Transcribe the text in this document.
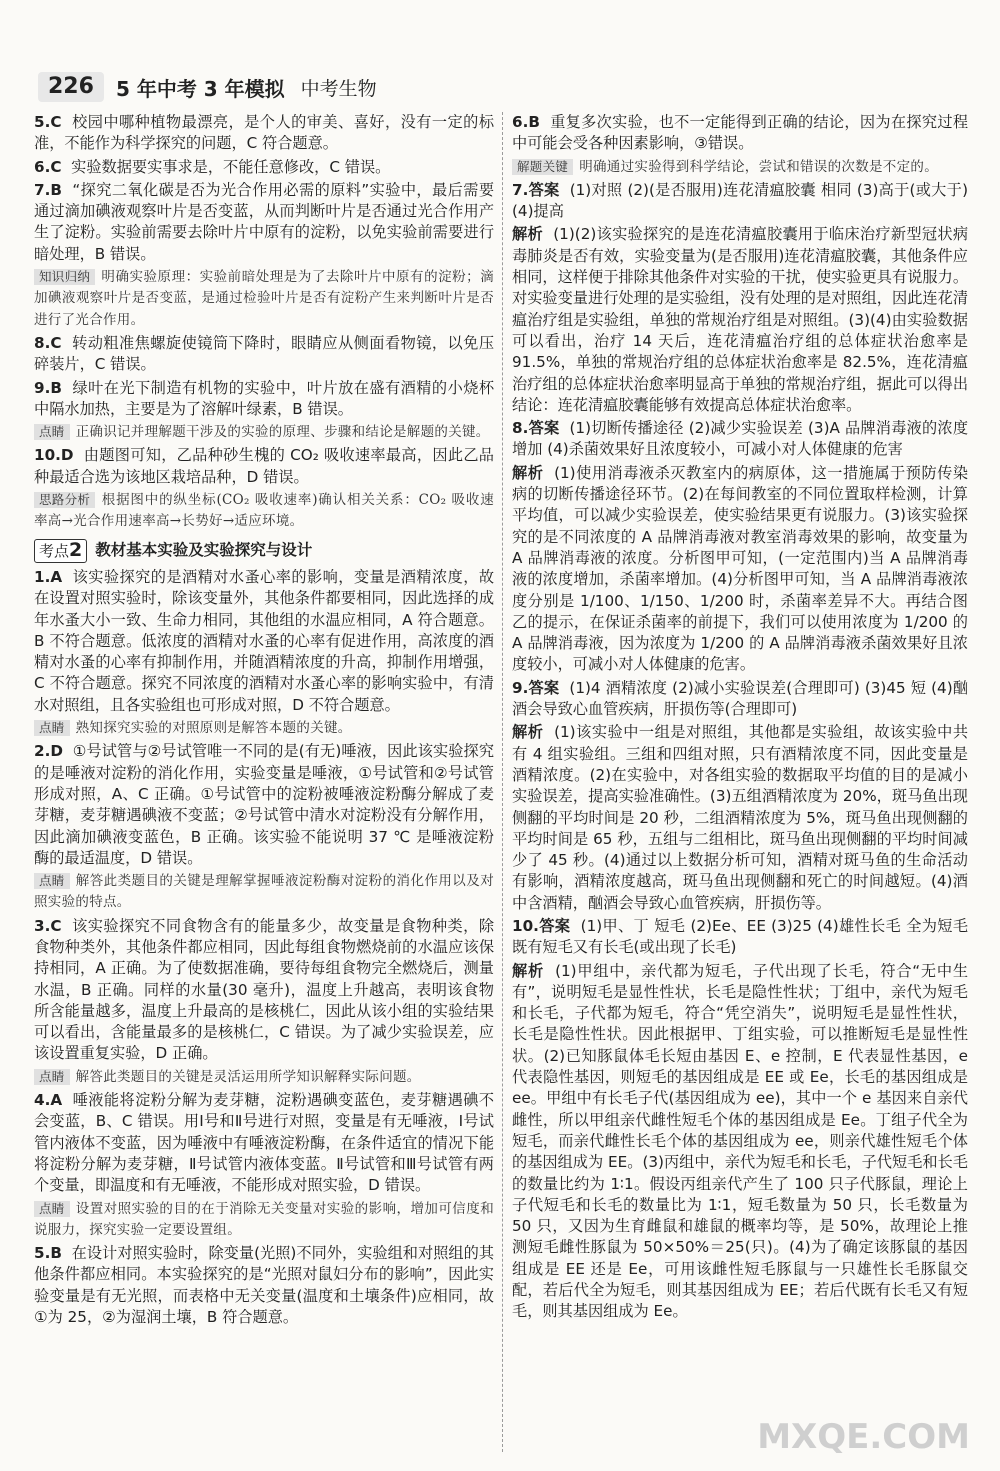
226	5 年中考 3 年模拟 中考生物

5.C 校园中哪种植物最漂亮，是个人的审美、喜好，没有一定的标准，不能作为科学探究的问题，C 符合题意。

6.C 实验数据要实事求是，不能任意修改，C 错误。

7.B “探究二氧化碳是否为光合作用必需的原料”实验中，最后需要通过滴加碘液观察叶片是否变蓝，从而判断叶片是否通过光合作用产生了淀粉。实验前需要去除叶片中原有的淀粉，以免实验前需要进行暗处理，B 错误。

知识归纳 明确实验原理：实验前暗处理是为了去除叶片中原有的淀粉；滴加碘液观察叶片是否变蓝，是通过检验叶片是否有淀粉产生来判断叶片是否进行了光合作用。

8.C 转动粗准焦螺旋使镜筒下降时，眼睛应从侧面看物镜，以免压碎装片，C 错误。

9.B 绿叶在光下制造有机物的实验中，叶片放在盛有酒精的小烧杯中隔水加热，主要是为了溶解叶绿素，B 错误。

点睛 正确识记并理解题干涉及的实验的原理、步骤和结论是解题的关键。

10.D 由题图可知，乙品种砂生槐的 CO₂ 吸收速率最高，因此乙品种最适合选为该地区栽培品种，D 错误。

思路分析 根据图中的纵坐标(CO₂ 吸收速率)确认相关关系：CO₂ 吸收速率高→光合作用速率高→长势好→适应环境。

考点2 教材基本实验及实验探究与设计

1.A 该实验探究的是酒精对水蚤心率的影响，变量是酒精浓度，故在设置对照实验时，除该变量外，其他条件都要相同，因此选择的成年水蚤大小一致、生命力相同，其他组的水温应相同，A 符合题意。B 不符合题意。低浓度的酒精对水蚤的心率有促进作用，高浓度的酒精对水蚤的心率有抑制作用，并随酒精浓度的升高，抑制作用增强，C 不符合题意。探究不同浓度的酒精对水蚤心率的影响实验中，有清水对照组，且各实验组也可形成对照，D 不符合题意。

点睛 熟知探究实验的对照原则是解答本题的关键。

2.D ①号试管与②号试管唯一不同的是(有无)唾液，因此该实验探究的是唾液对淀粉的消化作用，实验变量是唾液，①号试管和②号试管形成对照，A、C 正确。①号试管中的淀粉被唾液淀粉酶分解成了麦芽糖，麦芽糖遇碘液不变蓝；②号试管中清水对淀粉没有分解作用，因此滴加碘液变蓝色，B 正确。该实验不能说明 37 ℃ 是唾液淀粉酶的最适温度，D 错误。

点睛 解答此类题目的关键是理解掌握唾液淀粉酶对淀粉的消化作用以及对照实验的特点。

3.C 该实验探究不同食物含有的能量多少，故变量是食物种类，除食物种类外，其他条件都应相同，因此每组食物燃烧前的水温应该保持相同，A 正确。为了使数据准确，要待每组食物完全燃烧后，测量水温，B 正确。同样的水量(30 毫升)，温度上升越高，表明该食物所含能量越多，温度上升最高的是核桃仁，因此从该小组的实验结果可以看出，含能量最多的是核桃仁，C 错误。为了减少实验误差，应该设置重复实验，D 正确。

点睛 解答此类题目的关键是灵活运用所学知识解释实际问题。

4.A 唾液能将淀粉分解为麦芽糖，淀粉遇碘变蓝色，麦芽糖遇碘不会变蓝，B、C 错误。用Ⅰ号和Ⅱ号进行对照，变量是有无唾液，Ⅰ号试管内液体不变蓝，因为唾液中有唾液淀粉酶，在条件适宜的情况下能将淀粉分解为麦芽糖，Ⅱ号试管内液体变蓝。Ⅱ号试管和Ⅲ号试管有两个变量，即温度和有无唾液，不能形成对照实验，D 错误。

点睛 设置对照实验的目的在于消除无关变量对实验的影响，增加可信度和说服力，探究实验一定要设置组。

5.B 在设计对照实验时，除变量(光照)不同外，实验组和对照组的其他条件都应相同。本实验探究的是“光照对鼠妇分布的影响”，因此实验变量是有无光照，而表格中无关变量(温度和土壤条件)应相同，故①为 25，②为湿润土壤，B 符合题意。

6.B 重复多次实验，也不一定能得到正确的结论，因为在探究过程中可能会受各种因素影响，③错误。

解题关键 明确通过实验得到科学结论，尝试和错误的次数是不定的。

7.答案 (1)对照 (2)(是否服用)连花清瘟胶囊 相同 (3)高于(或大于) (4)提高

解析 (1)(2)该实验探究的是连花清瘟胶囊用于临床治疗新型冠状病毒肺炎是否有效，实验变量为(是否服用)连花清瘟胶囊，其他条件应相同，这样便于排除其他条件对实验的干扰，使实验更具有说服力。对实验变量进行处理的是实验组，没有处理的是对照组，因此连花清瘟治疗组是实验组，单独的常规治疗组是对照组。(3)(4)由实验数据可以看出，治疗 14 天后，连花清瘟治疗组的总体症状治愈率是 91.5%，单独的常规治疗组的总体症状治愈率是 82.5%，连花清瘟治疗组的总体症状治愈率明显高于单独的常规治疗组，据此可以得出结论：连花清瘟胶囊能够有效提高总体症状治愈率。

8.答案 (1)切断传播途径 (2)减少实验误差 (3)A 品牌消毒液的浓度 增加 (4)杀菌效果好且浓度较小，可减小对人体健康的危害

解析 (1)使用消毒液杀灭教室内的病原体，这一措施属于预防传染病的切断传播途径环节。(2)在每间教室的不同位置取样检测，计算平均值，可以减少实验误差，使实验结果更有说服力。(3)该实验探究的是不同浓度的 A 品牌消毒液对教室消毒效果的影响，故变量为 A 品牌消毒液的浓度。分析图甲可知，(一定范围内)当 A 品牌消毒液的浓度增加，杀菌率增加。(4)分析图甲可知，当 A 品牌消毒液浓度分别是 1/100、1/150、1/200 时，杀菌率差异不大。再结合图乙的提示，在保证杀菌率的前提下，我们可以使用浓度为 1/200 的 A 品牌消毒液，因为浓度为 1/200 的 A 品牌消毒液杀菌效果好且浓度较小，可减小对人体健康的危害。

9.答案 (1)4 酒精浓度 (2)减小实验误差(合理即可) (3)45 短 (4)酗酒会导致心血管疾病，肝损伤等(合理即可)

解析 (1)该实验中一组是对照组，其他都是实验组，故该实验中共有 4 组实验组。三组和四组对照，只有酒精浓度不同，因此变量是酒精浓度。(2)在实验中，对各组实验的数据取平均值的目的是减小实验误差，提高实验准确性。(3)五组酒精浓度为 20%，斑马鱼出现侧翻的平均时间是 20 秒，二组酒精浓度为 5%，斑马鱼出现侧翻的平均时间是 65 秒，五组与二组相比，斑马鱼出现侧翻的平均时间减少了 45 秒。(4)通过以上数据分析可知，酒精对斑马鱼的生命活动有影响，酒精浓度越高，斑马鱼出现侧翻和死亡的时间越短。(4)酒中含酒精，酗酒会导致心血管疾病，肝损伤等。

10.答案 (1)甲、丁 短毛 (2)Ee、EE (3)25 (4)雄性长毛 全为短毛 既有短毛又有长毛(或出现了长毛)

解析 (1)甲组中，亲代都为短毛，子代出现了长毛，符合“无中生有”，说明短毛是显性性状，长毛是隐性性状；丁组中，亲代为短毛和长毛，子代都为短毛，符合“凭空消失”，说明短毛是显性性状，长毛是隐性性状。因此根据甲、丁组实验，可以推断短毛是显性性状。(2)已知豚鼠体毛长短由基因 E、e 控制，E 代表显性基因，e 代表隐性基因，则短毛的基因组成是 EE 或 Ee，长毛的基因组成是 ee。甲组中有长毛子代(基因组成为 ee)，其中一个 e 基因来自亲代雌性，所以甲组亲代雌性短毛个体的基因组成是 Ee。丁组子代全为短毛，而亲代雌性长毛个体的基因组成为 ee，则亲代雄性短毛个体的基因组成为 EE。(3)丙组中，亲代为短毛和长毛，子代短毛和长毛的数量比约为 1∶1。假设丙组亲代产生了 100 只子代豚鼠，理论上子代短毛和长毛的数量比为 1∶1，短毛数量为 50 只，长毛数量为 50 只，又因为生育雌鼠和雄鼠的概率均等，是 50%，故理论上推测短毛雌性豚鼠为 50×50%＝25(只)。(4)为了确定该豚鼠的基因组成是 EE 还是 Ee，可用该雌性短毛豚鼠与一只雄性长毛豚鼠交配，若后代全为短毛，则其基因组成为 EE；若后代既有长毛又有短毛，则其基因组成为 Ee。

MXQE.COM
